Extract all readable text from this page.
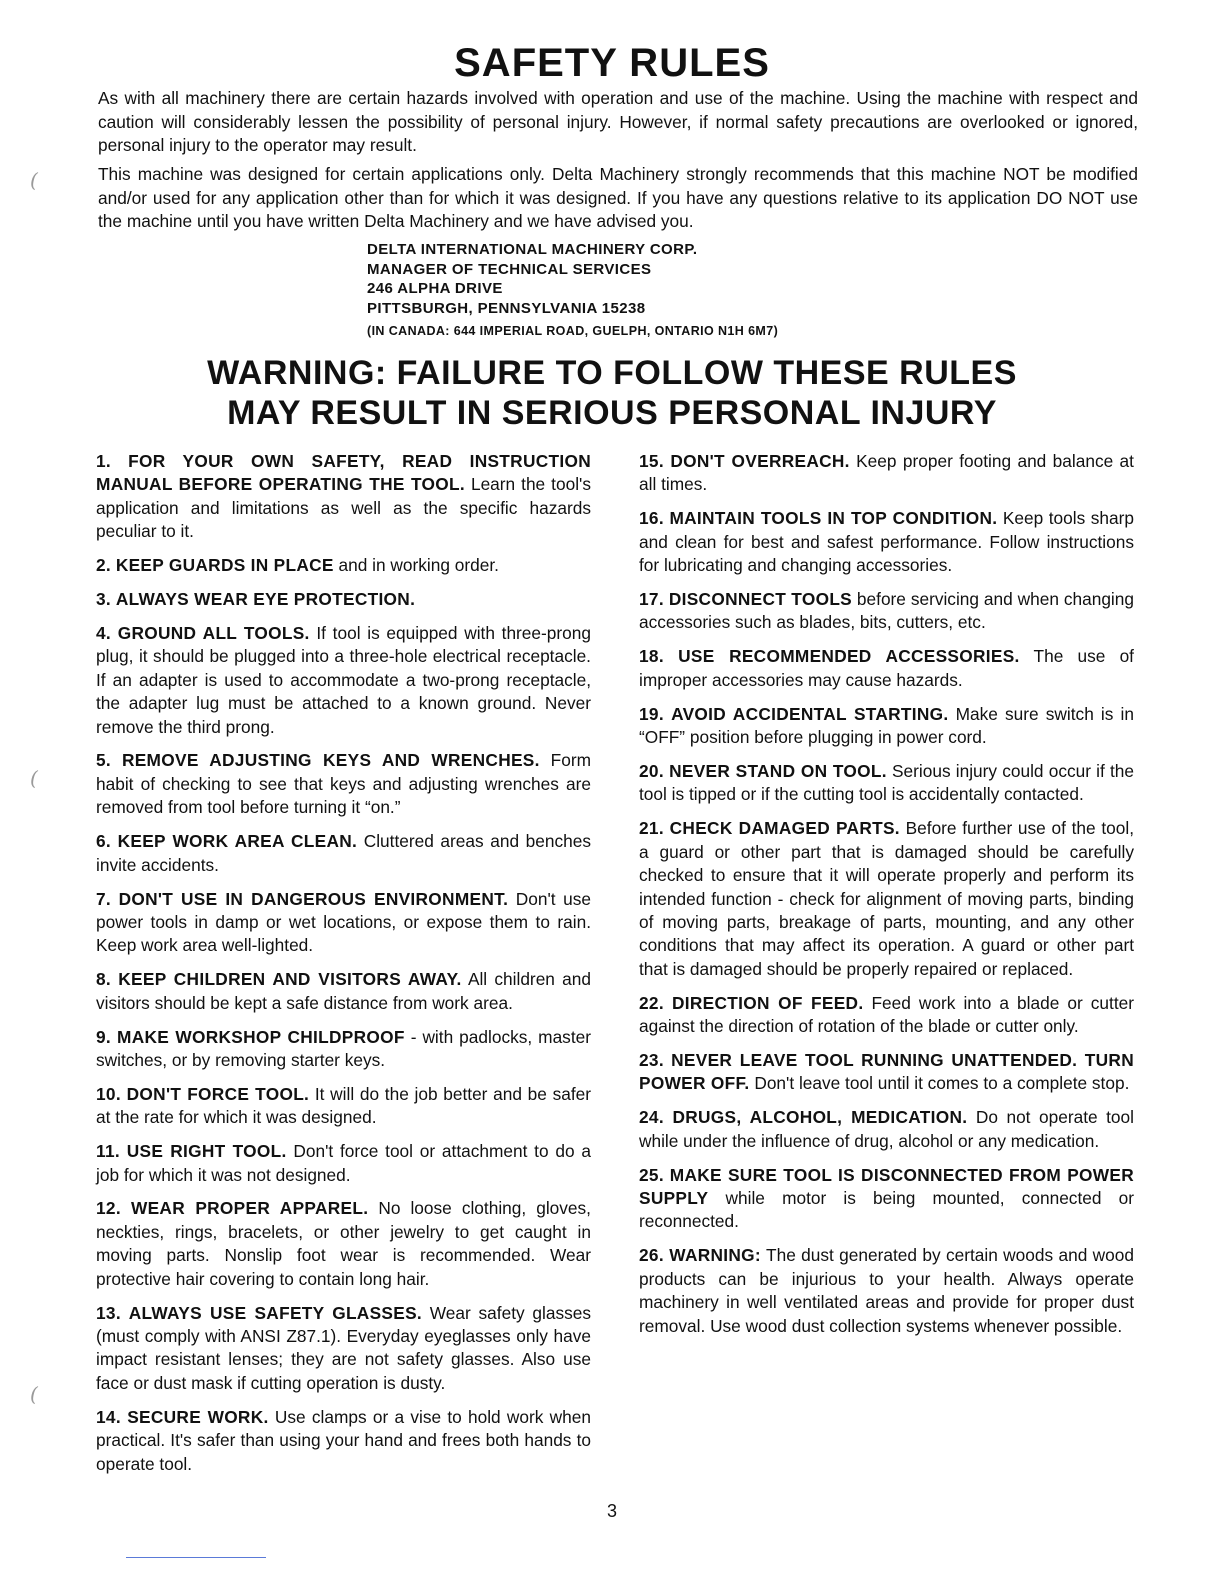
SAFETY RULES

As with all machinery there are certain hazards involved with operation and use of the machine. Using the machine with respect and caution will considerably lessen the possibility of personal injury. However, if normal safety precautions are overlooked or ignored, personal injury to the operator may result.

This machine was designed for certain applications only. Delta Machinery strongly recommends that this machine NOT be modified and/or used for any application other than for which it was designed. If you have any questions relative to its application DO NOT use the machine until you have written Delta Machinery and we have advised you.

DELTA INTERNATIONAL MACHINERY CORP.
MANAGER OF TECHNICAL SERVICES
246 ALPHA DRIVE
PITTSBURGH, PENNSYLVANIA 15238
(IN CANADA: 644 IMPERIAL ROAD, GUELPH, ONTARIO N1H 6M7)
WARNING: FAILURE TO FOLLOW THESE RULES
MAY RESULT IN SERIOUS PERSONAL INJURY

1. FOR YOUR OWN SAFETY, READ INSTRUCTION MANUAL BEFORE OPERATING THE TOOL. Learn the tool's application and limitations as well as the specific hazards peculiar to it.

2. KEEP GUARDS IN PLACE and in working order.

3. ALWAYS WEAR EYE PROTECTION.

4. GROUND ALL TOOLS. If tool is equipped with three-prong plug, it should be plugged into a three-hole electrical receptacle. If an adapter is used to accommodate a two-prong receptacle, the adapter lug must be attached to a known ground. Never remove the third prong.

5. REMOVE ADJUSTING KEYS AND WRENCHES. Form habit of checking to see that keys and adjusting wrenches are removed from tool before turning it “on.”

6. KEEP WORK AREA CLEAN. Cluttered areas and benches invite accidents.

7. DON'T USE IN DANGEROUS ENVIRONMENT. Don't use power tools in damp or wet locations, or expose them to rain. Keep work area well-lighted.

8. KEEP CHILDREN AND VISITORS AWAY. All children and visitors should be kept a safe distance from work area.

9. MAKE WORKSHOP CHILDPROOF - with padlocks, master switches, or by removing starter keys.

10. DON'T FORCE TOOL. It will do the job better and be safer at the rate for which it was designed.

11. USE RIGHT TOOL. Don't force tool or attachment to do a job for which it was not designed.

12. WEAR PROPER APPAREL. No loose clothing, gloves, neckties, rings, bracelets, or other jewelry to get caught in moving parts. Nonslip foot wear is recommended. Wear protective hair covering to contain long hair.

13. ALWAYS USE SAFETY GLASSES. Wear safety glasses (must comply with ANSI Z87.1). Everyday eyeglasses only have impact resistant lenses; they are not safety glasses. Also use face or dust mask if cutting operation is dusty.

14. SECURE WORK. Use clamps or a vise to hold work when practical. It's safer than using your hand and frees both hands to operate tool.

15. DON'T OVERREACH. Keep proper footing and balance at all times.

16. MAINTAIN TOOLS IN TOP CONDITION. Keep tools sharp and clean for best and safest performance. Follow instructions for lubricating and changing accessories.

17. DISCONNECT TOOLS before servicing and when changing accessories such as blades, bits, cutters, etc.

18. USE RECOMMENDED ACCESSORIES. The use of improper accessories may cause hazards.

19. AVOID ACCIDENTAL STARTING. Make sure switch is in “OFF” position before plugging in power cord.

20. NEVER STAND ON TOOL. Serious injury could occur if the tool is tipped or if the cutting tool is accidentally contacted.

21. CHECK DAMAGED PARTS. Before further use of the tool, a guard or other part that is damaged should be carefully checked to ensure that it will operate properly and perform its intended function - check for alignment of moving parts, binding of moving parts, breakage of parts, mounting, and any other conditions that may affect its operation. A guard or other part that is damaged should be properly repaired or replaced.

22. DIRECTION OF FEED. Feed work into a blade or cutter against the direction of rotation of the blade or cutter only.

23. NEVER LEAVE TOOL RUNNING UNATTENDED. TURN POWER OFF. Don't leave tool until it comes to a complete stop.

24. DRUGS, ALCOHOL, MEDICATION. Do not operate tool while under the influence of drug, alcohol or any medication.

25. MAKE SURE TOOL IS DISCONNECTED FROM POWER SUPPLY while motor is being mounted, connected or reconnected.

26. WARNING: The dust generated by certain woods and wood products can be injurious to your health. Always operate machinery in well ventilated areas and provide for proper dust removal. Use wood dust collection systems whenever possible.

3
(
(
(
